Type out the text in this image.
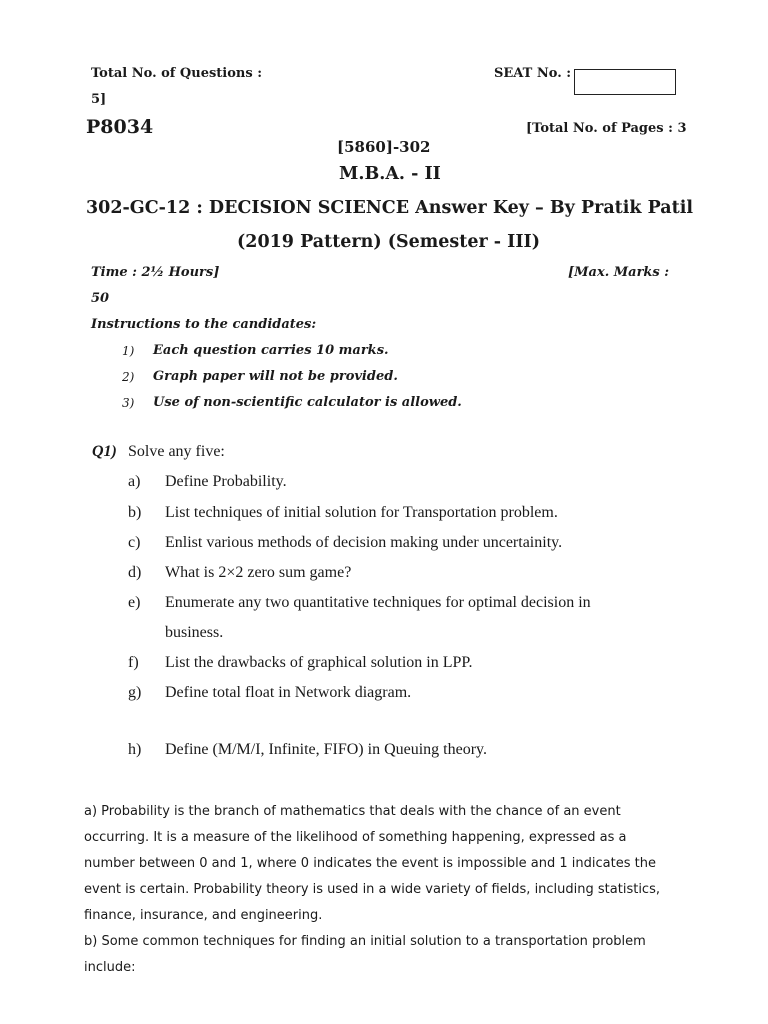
Total No. of Questions :
5]
SEAT No. :
P8034	[Total No. of Pages : 3
[5860]-302
M.B.A. - II
302-GC-12 : DECISION SCIENCE Answer Key – By Pratik Patil
(2019 Pattern) (Semester - III)
Time : 2½ Hours]	[Max. Marks :
50
Instructions to the candidates:
1) Each question carries 10 marks.
2) Graph paper will not be provided.
3) Use of non-scientific calculator is allowed.
Q1) Solve any five:
a) Define Probability.
b) List techniques of initial solution for Transportation problem.
c) Enlist various methods of decision making under uncertainity.
d) What is 2×2 zero sum game?
e) Enumerate any two quantitative techniques for optimal decision in
business.
f) List the drawbacks of graphical solution in LPP.
g) Define total float in Network diagram.
h) Define (M/M/I, Infinite, FIFO) in Queuing theory.

a) Probability is the branch of mathematics that deals with the chance of an event

occurring. It is a measure of the likelihood of something happening, expressed as a

number between 0 and 1, where 0 indicates the event is impossible and 1 indicates the

event is certain. Probability theory is used in a wide variety of fields, including statistics,

finance, insurance, and engineering.

b) Some common techniques for finding an initial solution to a transportation problem

include:
